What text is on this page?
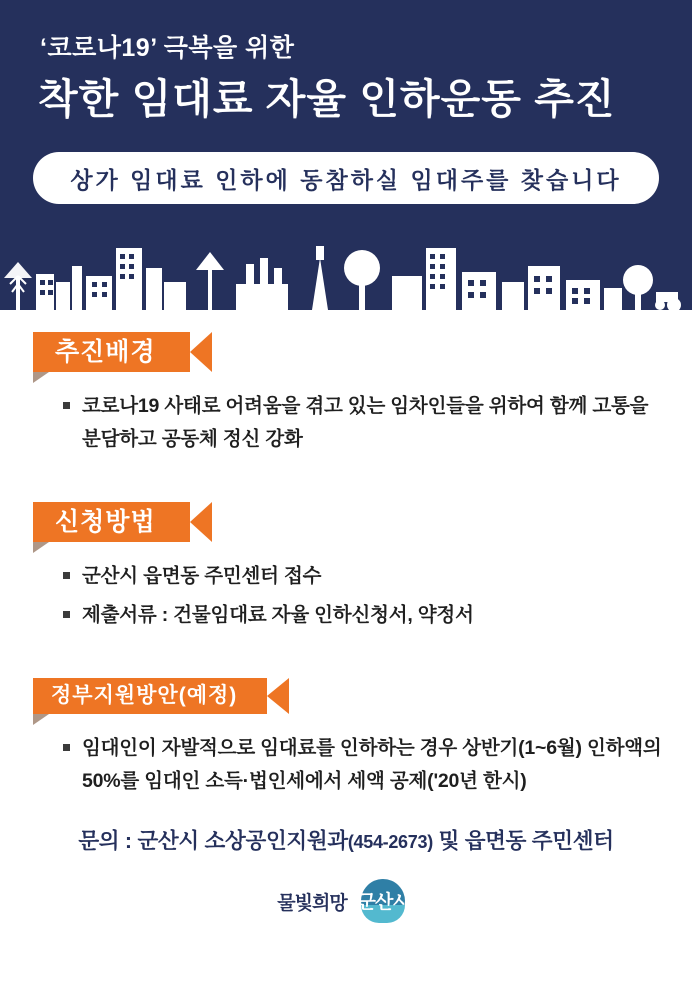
‘코로나19’ 극복을 위한
착한 임대료 자율 인하운동 추진
상가 임대료 인하에 동참하실 임대주를 찾습니다
추진배경
코로나19 사태로 어려움을 겪고 있는 임차인들을 위하여 함께 고통을 분담하고 공동체 정신 강화
신청방법
군산시 읍면동 주민센터 접수
제출서류 : 건물임대료 자율 인하신청서, 약정서
정부지원방안(예정)
임대인이 자발적으로 임대료를 인하하는 경우 상반기(1~6월) 인하액의 50%를 임대인 소득·법인세에서 세액 공제('20년 한시)
문의 : 군산시 소상공인지원과(454-2673) 및 읍면동 주민센터
물빛희망 군산시
